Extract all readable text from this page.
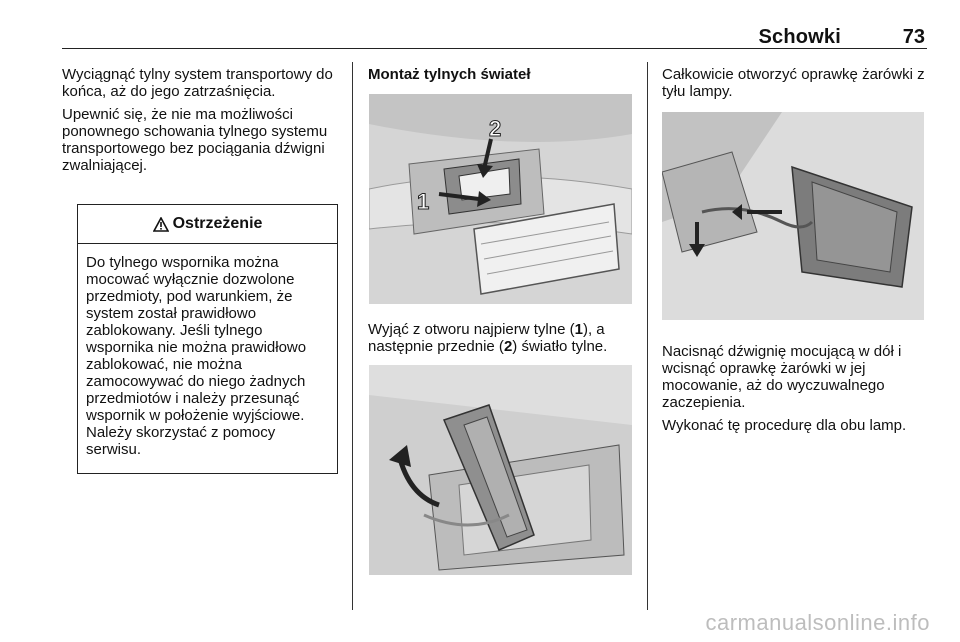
Schowki	73

Wyciągnąć tylny system transportowy do końca, aż do jego zatrzaśnięcia.

Upewnić się, że nie ma możliwości ponownego schowania tylnego systemu transportowego bez pociągania dźwigni zwalniającej.

Ostrzeżenie
Do tylnego wspornika można mocować wyłącznie dozwolone przedmioty, pod warunkiem, że system został prawidłowo zablokowany. Jeśli tylnego wspornika nie można prawidłowo zablokować, nie można zamocowywać do niego żadnych przedmiotów i należy przesunąć wspornik w położenie wyjściowe. Należy skorzystać z pomocy serwisu.

Montaż tylnych świateł

1
2
Wyjąć z otworu najpierw tylne (1), a następnie przednie (2) światło tylne.

Całkowicie otworzyć oprawkę żarówki z tyłu lampy.

Nacisnąć dźwignię mocującą w dół i wcisnąć oprawkę żarówki w jej mocowanie, aż do wyczuwalnego zaczepienia.

Wykonać tę procedurę dla obu lamp.

carmanualsonline.info
